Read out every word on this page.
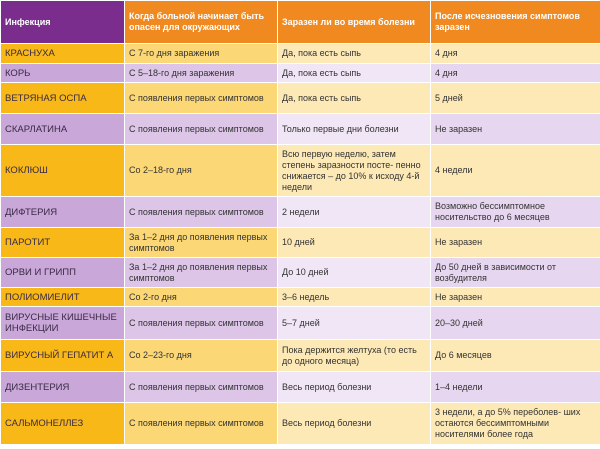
Инфекция	Когда больной начинает быть опасен для окружающих	Заразен ли во время болезни	После исчезновения симптомов заразен
КРАСНУХА	С 7-го дня заражения	Да, пока есть сыпь	4 дня
КОРЬ	С 5–18-го дня заражения	Да, пока есть сыпь	4 дня
ВЕТРЯНАЯ ОСПА	С появления первых симптомов	Да, пока есть сыпь	5 дней
СКАРЛАТИНА	С появления первых симптомов	Только первые дни болезни	Не заразен
КОКЛЮШ	Со 2–18-го дня	Всю первую неделю, затем степень заразности посте- пенно снижается – до 10% к исходу 4-й недели	4 недели
ДИФТЕРИЯ	С появления первых симптомов	2 недели	Возможно бессимптомное носительство до 6 месяцев
ПАРОТИТ	За 1–2 дня до появления первых симптомов	10 дней	Не заразен
ОРВИ И ГРИПП	За 1–2 дня до появления первых симптомов	До 10 дней	До 50 дней в зависимости от возбудителя
ПОЛИОМИЕЛИТ	Со 2-го дня	3–6 недель	Не заразен
ВИРУСНЫЕ КИШЕЧНЫЕ ИНФЕКЦИИ	С появления первых симптомов	5–7 дней	20–30 дней
ВИРУСНЫЙ ГЕПАТИТ А	Со 2–23-го дня	Пока держится желтуха (то есть до одного месяца)	До 6 месяцев
ДИЗЕНТЕРИЯ	С появления первых симптомов	Весь период болезни	1–4 недели
САЛЬМОНЕЛЛЕЗ	С появления первых симптомов	Весь период болезни	3 недели, а до 5% переболев- ших остаются бессимптомными носителями более года
